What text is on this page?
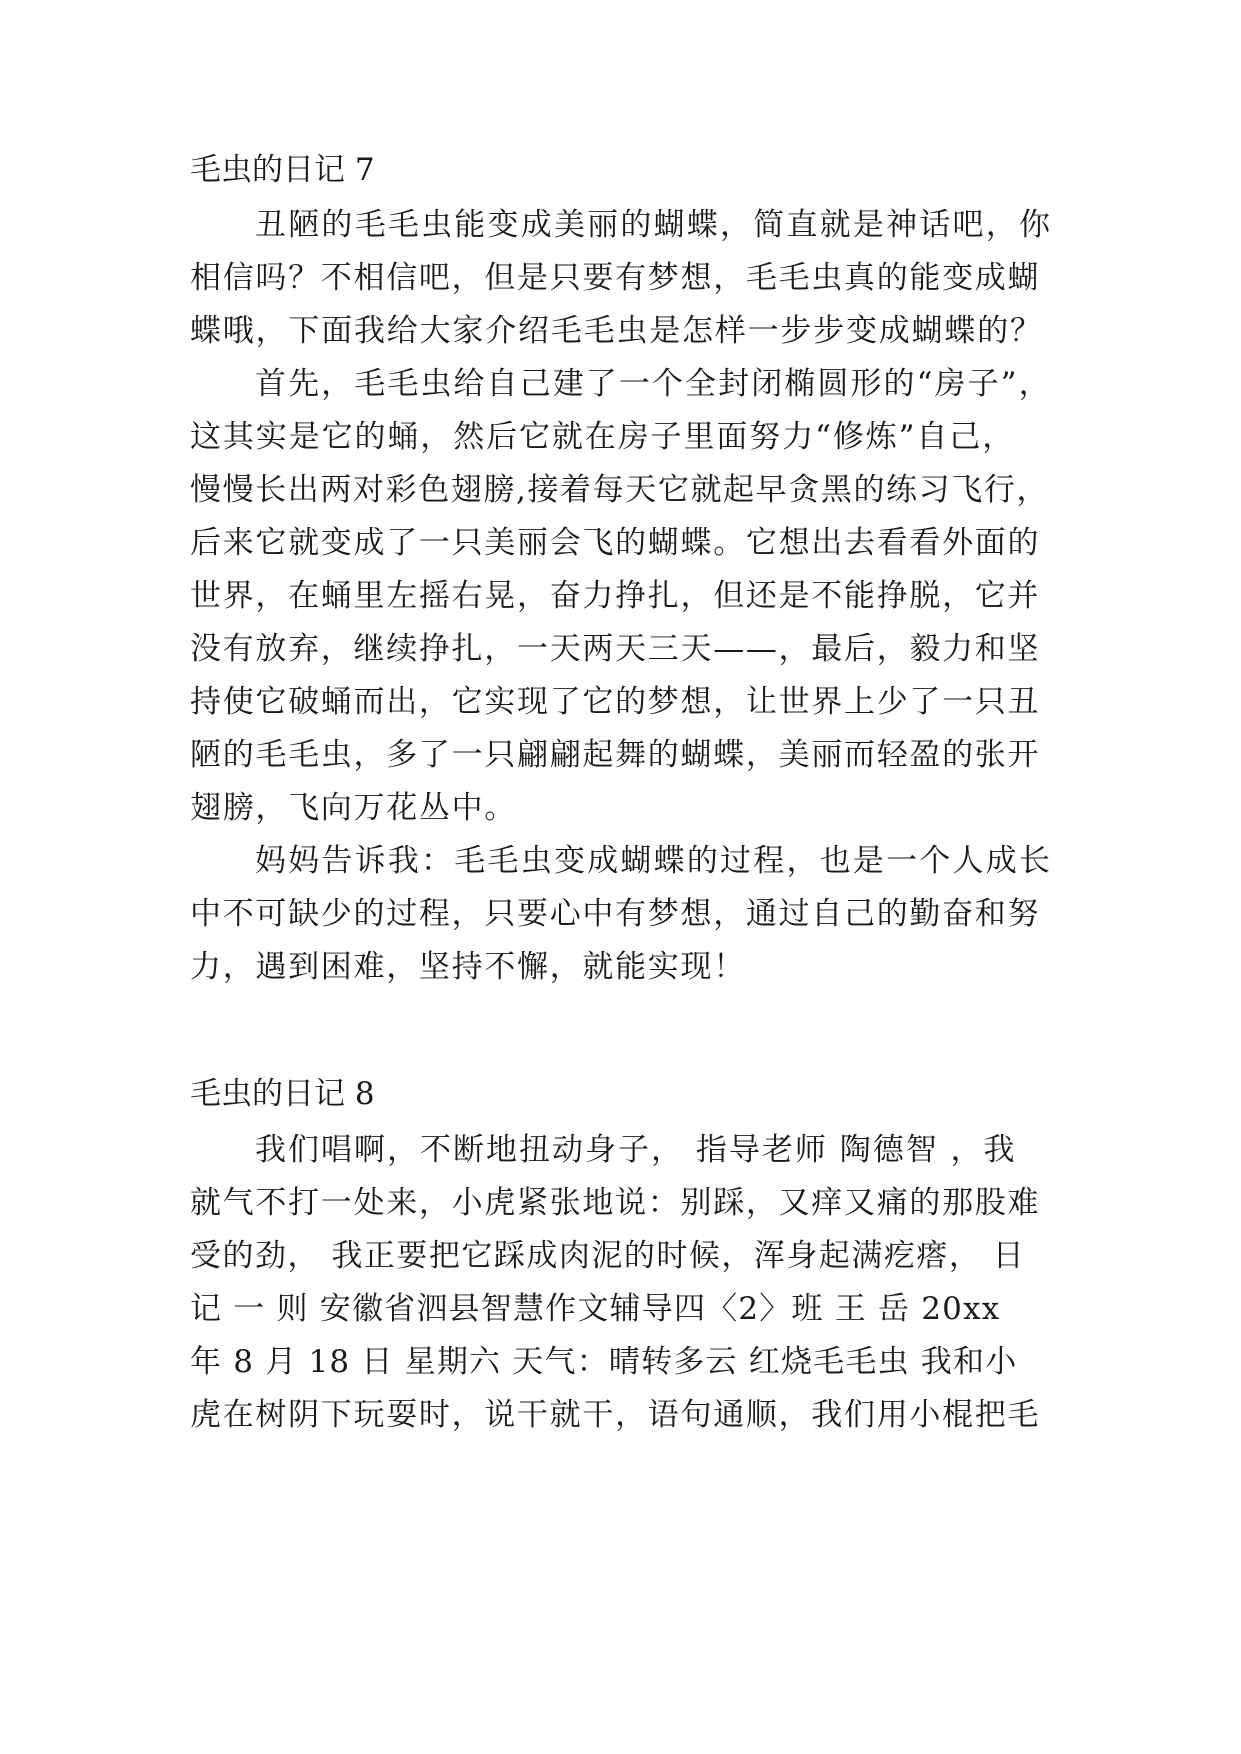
毛虫的日记 7

丑陋的毛毛虫能变成美丽的蝴蝶，简直就是神话吧，你

相信吗？不相信吧，但是只要有梦想，毛毛虫真的能变成蝴

蝶哦，下面我给大家介绍毛毛虫是怎样一步步变成蝴蝶的？

首先，毛毛虫给自己建了一个全封闭椭圆形的“房子”，

这其实是它的蛹，然后它就在房子里面努力“修炼”自己，

慢慢长出两对彩色翅膀,接着每天它就起早贪黑的练习飞行，

后来它就变成了一只美丽会飞的蝴蝶。它想出去看看外面的

世界，在蛹里左摇右晃，奋力挣扎，但还是不能挣脱，它并

没有放弃，继续挣扎，一天两天三天——，最后，毅力和坚

持使它破蛹而出，它实现了它的梦想，让世界上少了一只丑

陋的毛毛虫，多了一只翩翩起舞的蝴蝶，美丽而轻盈的张开

翅膀，飞向万花丛中。

妈妈告诉我：毛毛虫变成蝴蝶的过程，也是一个人成长

中不可缺少的过程，只要心中有梦想，通过自己的勤奋和努

力，遇到困难，坚持不懈，就能实现！

毛虫的日记 8

我们唱啊，不断地扭动身子， 指导老师 陶德智 ，我

就气不打一处来，小虎紧张地说：别踩，又痒又痛的那股难

受的劲， 我正要把它踩成肉泥的时候，浑身起满疙瘩， 日

记 一 则 安徽省泗县智慧作文辅导四〈2〉班 王 岳 20xx

年 8 月 18 日 星期六 天气：晴转多云 红烧毛毛虫 我和小

虎在树阴下玩耍时，说干就干，语句通顺，我们用小棍把毛
